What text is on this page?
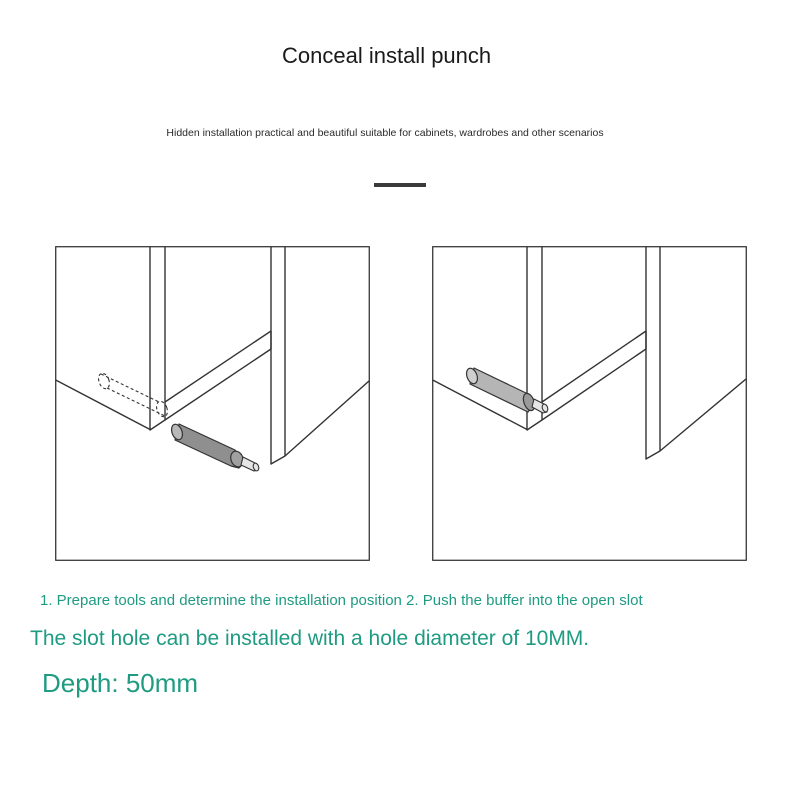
Conceal install punch

Hidden installation practical and beautiful suitable for cabinets, wardrobes and other scenarios

1. Prepare tools and determine the installation position 2. Push the buffer into the open slot

The slot hole can be installed with a hole diameter of 10MM.

Depth: 50mm
